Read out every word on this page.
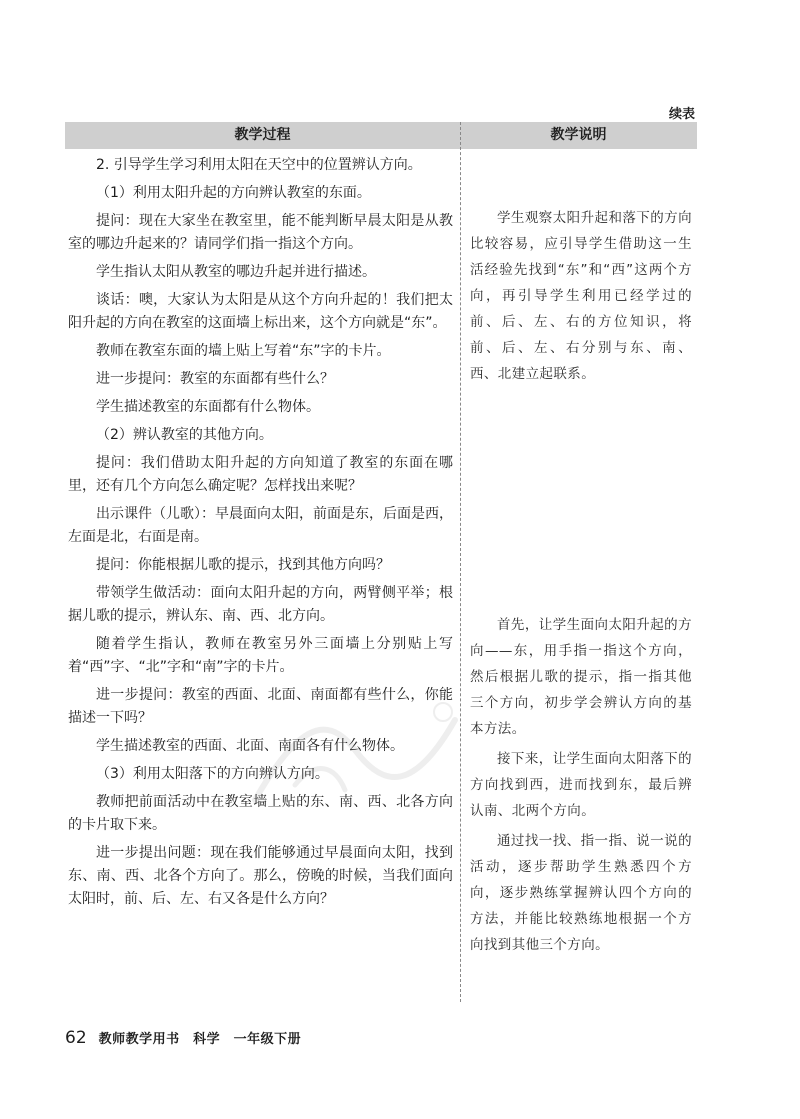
续表
教学过程	教学说明

2. 引导学生学习利用太阳在天空中的位置辨认方向。

（1）利用太阳升起的方向辨认教室的东面。

提问：现在大家坐在教室里，能不能判断早晨太阳是从教室的哪边升起来的？请同学们指一指这个方向。

学生指认太阳从教室的哪边升起并进行描述。

谈话：噢，大家认为太阳是从这个方向升起的！我们把太阳升起的方向在教室的这面墙上标出来，这个方向就是“东”。

教师在教室东面的墙上贴上写着“东”字的卡片。

进一步提问：教室的东面都有些什么？

学生描述教室的东面都有什么物体。

（2）辨认教室的其他方向。

提问：我们借助太阳升起的方向知道了教室的东面在哪里，还有几个方向怎么确定呢？怎样找出来呢？

出示课件（儿歌）：早晨面向太阳，前面是东，后面是西，左面是北，右面是南。

提问：你能根据儿歌的提示，找到其他方向吗？

带领学生做活动：面向太阳升起的方向，两臂侧平举；根据儿歌的提示，辨认东、南、西、北方向。

随着学生指认，教师在教室另外三面墙上分别贴上写着“西”字、“北”字和“南”字的卡片。

进一步提问：教室的西面、北面、南面都有些什么，你能描述一下吗？

学生描述教室的西面、北面、南面各有什么物体。

（3）利用太阳落下的方向辨认方向。

教师把前面活动中在教室墙上贴的东、南、西、北各方向的卡片取下来。

进一步提出问题：现在我们能够通过早晨面向太阳，找到东、南、西、北各个方向了。那么，傍晚的时候，当我们面向太阳时，前、后、左、右又各是什么方向？

学生观察太阳升起和落下的方向比较容易，应引导学生借助这一生活经验先找到“东”和“西”这两个方向，再引导学生利用已经学过的前、后、左、右的方位知识，将前、后、左、右分别与东、南、西、北建立起联系。

首先，让学生面向太阳升起的方向——东，用手指一指这个方向，然后根据儿歌的提示，指一指其他三个方向，初步学会辨认方向的基本方法。

接下来，让学生面向太阳落下的方向找到西，进而找到东，最后辨认南、北两个方向。

通过找一找、指一指、说一说的活动，逐步帮助学生熟悉四个方向，逐步熟练掌握辨认四个方向的方法，并能比较熟练地根据一个方向找到其他三个方向。

62 教师教学用书　科学　一年级下册
